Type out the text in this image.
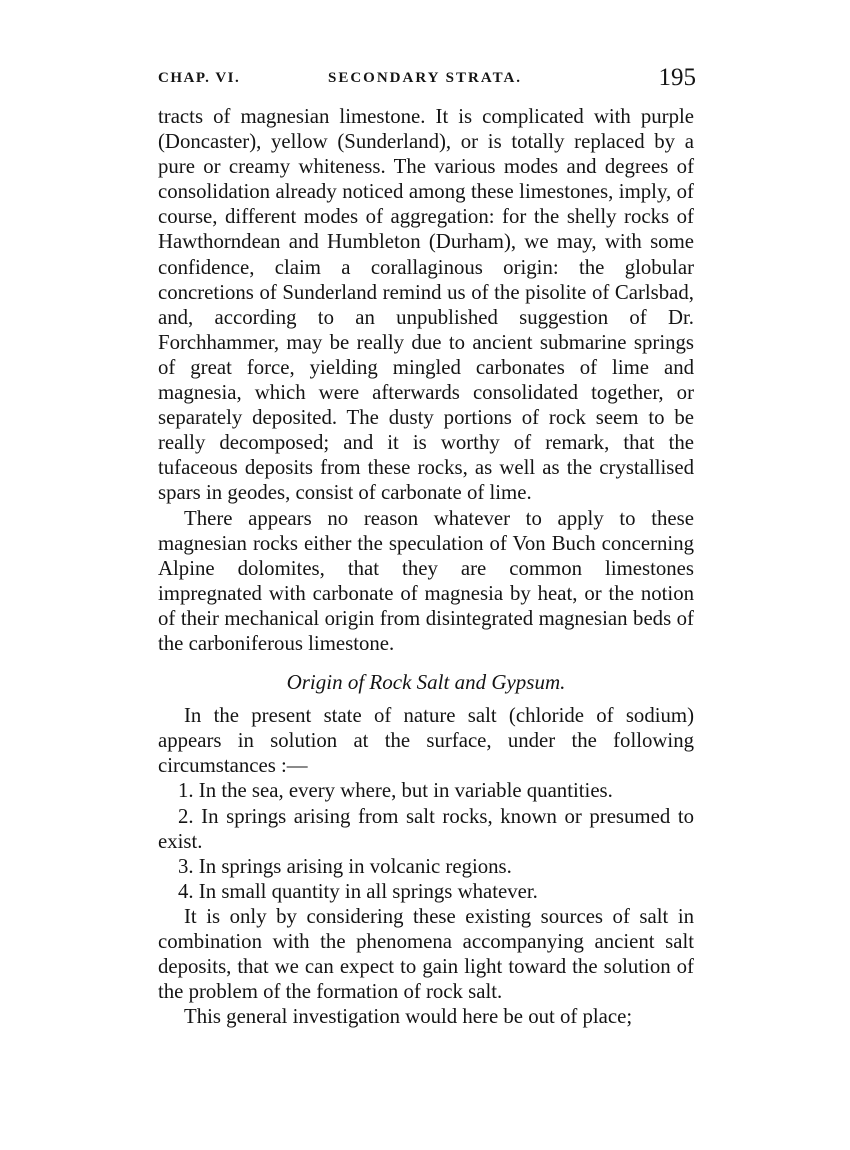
CHAP. VI.	SECONDARY STRATA.	195

tracts of magnesian limestone. It is complicated with purple (Doncaster), yellow (Sunderland), or is totally replaced by a pure or creamy whiteness. The various modes and degrees of consolidation already noticed among these limestones, imply, of course, different modes of aggregation: for the shelly rocks of Hawthorndean and Humbleton (Durham), we may, with some confidence, claim a corallaginous origin: the globular concretions of Sunderland remind us of the pisolite of Carlsbad, and, according to an unpublished suggestion of Dr. Forchhammer, may be really due to ancient submarine springs of great force, yielding mingled carbonates of lime and magnesia, which were afterwards consolidated together, or separately deposited. The dusty portions of rock seem to be really decomposed; and it is worthy of remark, that the tufaceous deposits from these rocks, as well as the crystallised spars in geodes, consist of carbonate of lime.

There appears no reason whatever to apply to these magnesian rocks either the speculation of Von Buch concerning Alpine dolomites, that they are common limestones impregnated with carbonate of magnesia by heat, or the notion of their mechanical origin from disintegrated magnesian beds of the carboniferous limestone.

Origin of Rock Salt and Gypsum.

In the present state of nature salt (chloride of sodium) appears in solution at the surface, under the following circumstances :—

1. In the sea, every where, but in variable quantities.

2. In springs arising from salt rocks, known or presumed to exist.

3. In springs arising in volcanic regions.

4. In small quantity in all springs whatever.

It is only by considering these existing sources of salt in combination with the phenomena accompanying ancient salt deposits, that we can expect to gain light toward the solution of the problem of the formation of rock salt.

This general investigation would here be out of place;
